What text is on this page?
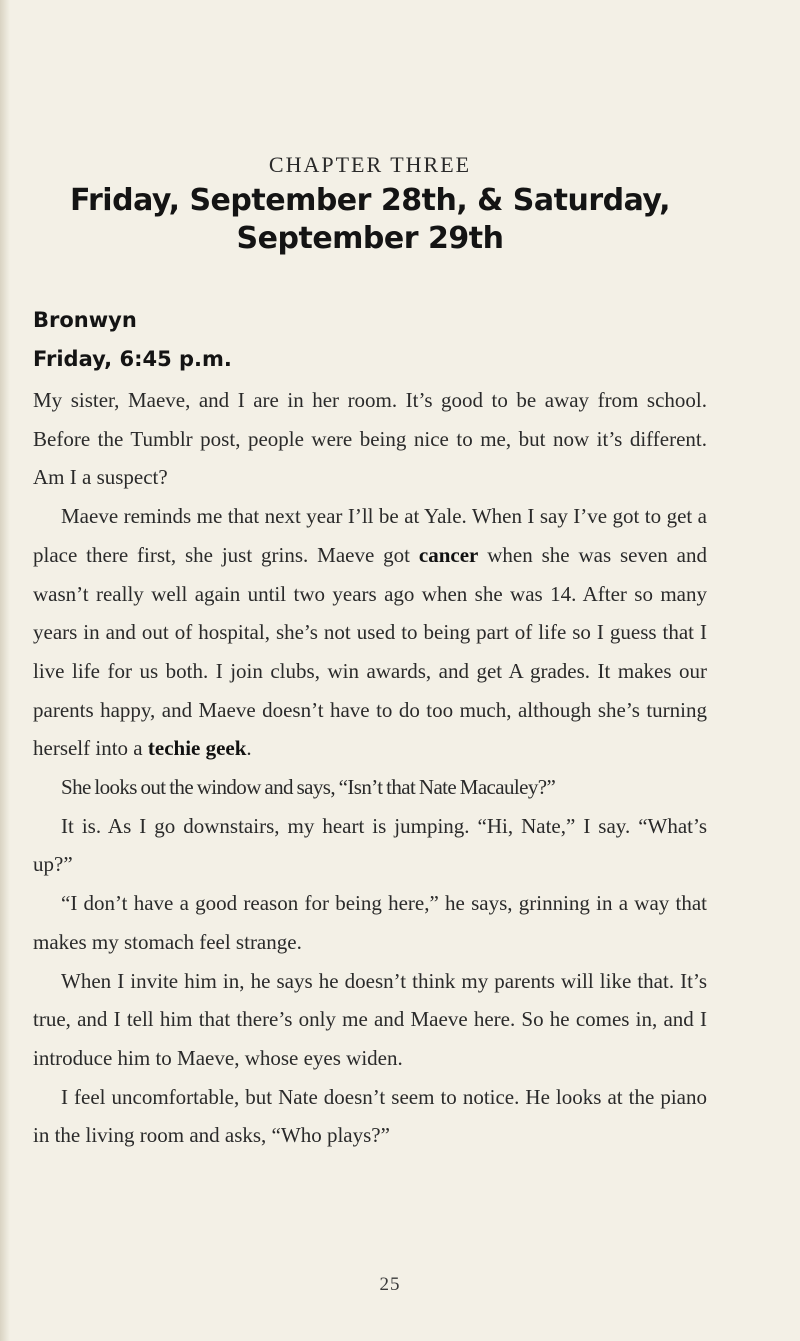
CHAPTER THREE
Friday, September 28th, & Saturday,
September 29th
Bronwyn
Friday, 6:45 p.m.

My sister, Maeve, and I are in her room. It’s good to be away from school. Before the Tumblr post, people were being nice to me, but now it’s different. Am I a suspect?

Maeve reminds me that next year I’ll be at Yale. When I say I’ve got to get a place there first, she just grins. Maeve got cancer when she was seven and wasn’t really well again until two years ago when she was 14. After so many years in and out of hospital, she’s not used to being part of life so I guess that I live life for us both. I join clubs, win awards, and get A grades. It makes our parents happy, and Maeve doesn’t have to do too much, although she’s turning herself into a techie geek.

She looks out the window and says, “Isn’t that Nate Macauley?”

It is. As I go downstairs, my heart is jumping. “Hi, Nate,” I say. “What’s up?”

“I don’t have a good reason for being here,” he says, grinning in a way that makes my stomach feel strange.

When I invite him in, he says he doesn’t think my parents will like that. It’s true, and I tell him that there’s only me and Maeve here. So he comes in, and I introduce him to Maeve, whose eyes widen.

I feel uncomfortable, but Nate doesn’t seem to notice. He looks at the piano in the living room and asks, “Who plays?”

25
